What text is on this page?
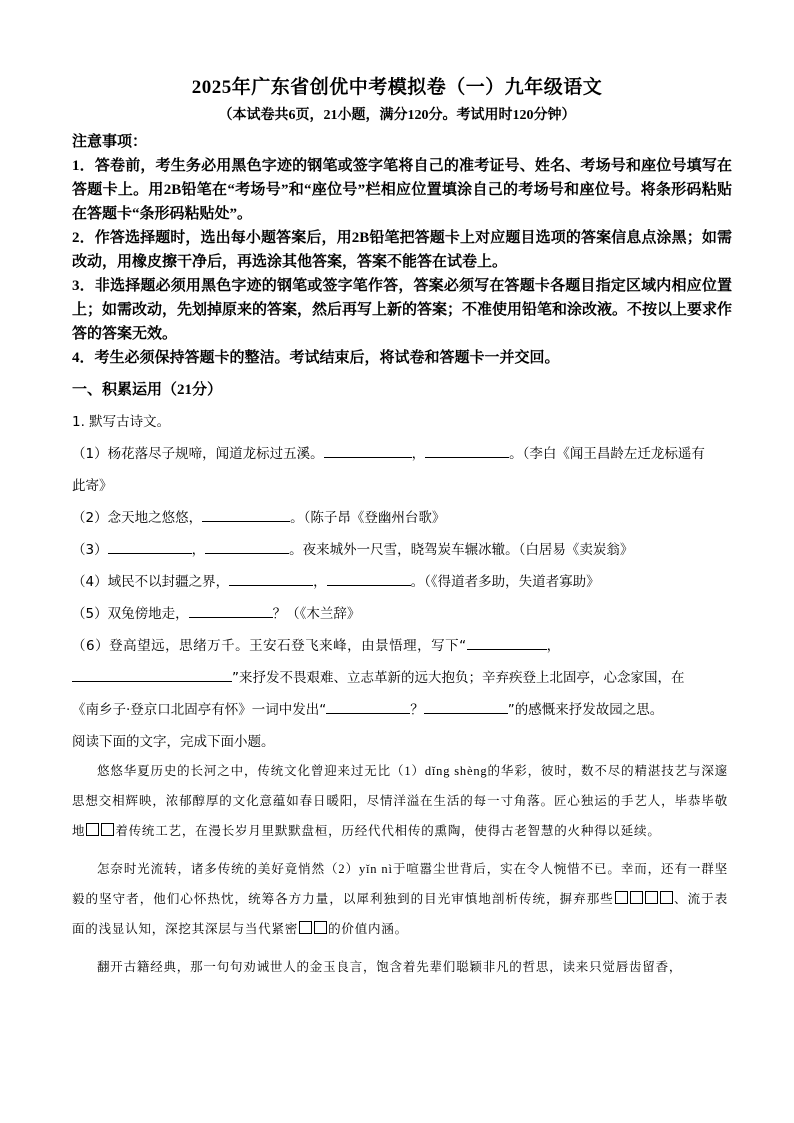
2025年广东省创优中考模拟卷（一）九年级语文
（本试卷共6页，21小题，满分120分。考试用时120分钟）

注意事项：

1．答卷前，考生务必用黑色字迹的钢笔或签字笔将自己的准考证号、姓名、考场号和座位号填写在答题卡上。用2B铅笔在“考场号”和“座位号”栏相应位置填涂自己的考场号和座位号。将条形码粘贴在答题卡“条形码粘贴处”。

2．作答选择题时，选出每小题答案后，用2B铅笔把答题卡上对应题目选项的答案信息点涂黑；如需改动，用橡皮擦干净后，再选涂其他答案，答案不能答在试卷上。

3．非选择题必须用黑色字迹的钢笔或签字笔作答，答案必须写在答题卡各题目指定区域内相应位置上；如需改动，先划掉原来的答案，然后再写上新的答案；不准使用铅笔和涂改液。不按以上要求作答的答案无效。

4．考生必须保持答题卡的整洁。考试结束后，将试卷和答题卡一并交回。

一、积累运用（21分）

1. 默写古诗文。

（1）杨花落尽子规啼，闻道龙标过五溪。	，	。（李白《闻王昌龄左迁龙标遥有

此寄》

（2）念天地之悠悠，	。（陈子昂《登幽州台歌》

（3）	，	。夜来城外一尺雪，晓驾炭车辗冰辙。（白居易《卖炭翁》

（4）域民不以封疆之界，	，	。（《得道者多助，失道者寡助》

（5）双兔傍地走，	？（《木兰辞》

（6）登高望远，思绪万千。王安石登飞来峰，由景悟理，写下“	，

”来抒发不畏艰难、立志革新的远大抱负；辛弃疾登上北固亭，心念家国，在

《南乡子·登京口北固亭有怀》一词中发出“	？	”的感慨来抒发故园之思。

阅读下面的文字，完成下面小题。

悠悠华夏历史的长河之中，传统文化曾迎来过无比（1）dǐng shèng的华彩，彼时，数不尽的精湛技艺与深邃思想交相辉映，浓郁醇厚的文化意蕴如春日暖阳，尽情洋溢在生活的每一寸角落。匠心独运的手艺人，毕恭毕敬地 着传统工艺，在漫长岁月里默默盘桓，历经代代相传的熏陶，使得古老智慧的火种得以延续。

怎奈时光流转，诸多传统的美好竟悄然（2）yǐn nì于喧嚣尘世背后，实在令人惋惜不已。幸而，还有一群坚毅的坚守者，他们心怀热忱，统筹各方力量，以犀利独到的目光审慎地剖析传统，摒弃那些	、流于表面的浅显认知，深挖其深层与当代紧密 的价值内涵。

翻开古籍经典，那一句句劝诫世人的金玉良言，饱含着先辈们聪颖非凡的哲思，读来只觉唇齿留香，
